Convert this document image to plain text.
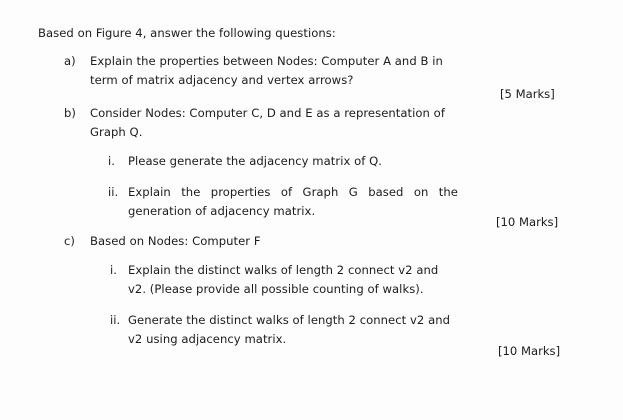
Based on Figure 4, answer the following questions:
a) Explain the properties between Nodes: Computer A and B in
term of matrix adjacency and vertex arrows?
[5 Marks]
b) Consider Nodes: Computer C, D and E as a representation of
Graph Q.
i. Please generate the adjacency matrix of Q.
ii. Explain the properties of Graph G based on the
generation of adjacency matrix.
[10 Marks]
c) Based on Nodes: Computer F
i. Explain the distinct walks of length 2 connect v2 and
v2. (Please provide all possible counting of walks).
ii. Generate the distinct walks of length 2 connect v2 and
v2 using adjacency matrix.
[10 Marks]
